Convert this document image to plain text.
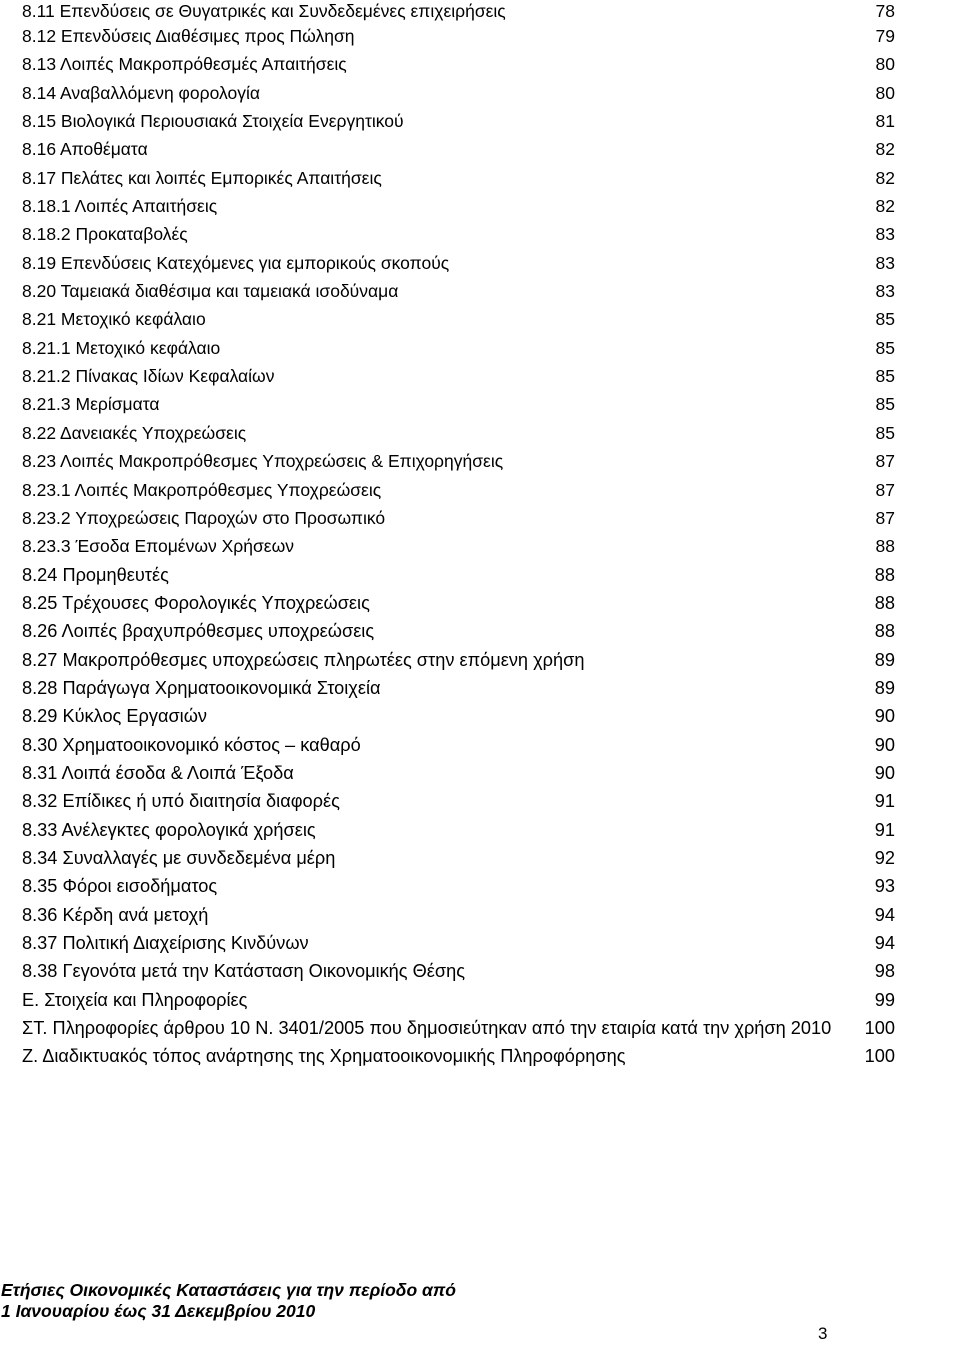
8.11 Επενδύσεις σε Θυγατρικές και Συνδεδεμένες επιχειρήσεις	78
8.12 Επενδύσεις Διαθέσιμες προς Πώληση	79
8.13 Λοιπές Μακροπρόθεσμές Απαιτήσεις	80
8.14 Αναβαλλόμενη φορολογία	80
8.15 Βιολογικά Περιουσιακά Στοιχεία Ενεργητικού	81
8.16 Αποθέματα	82
8.17 Πελάτες και λοιπές Εμπορικές Απαιτήσεις	82
8.18.1 Λοιπές Απαιτήσεις	82
8.18.2 Προκαταβολές	83
8.19 Επενδύσεις Κατεχόμενες για εμπορικούς σκοπούς	83
8.20 Ταμειακά διαθέσιμα και ταμειακά ισοδύναμα	83
8.21 Μετοχικό κεφάλαιο	85
8.21.1 Μετοχικό κεφάλαιο	85
8.21.2 Πίνακας Ιδίων Κεφαλαίων	85
8.21.3 Μερίσματα	85
8.22 Δανειακές Υποχρεώσεις	85
8.23 Λοιπές Μακροπρόθεσμες Υποχρεώσεις & Επιχορηγήσεις	87
8.23.1 Λοιπές Μακροπρόθεσμες Υποχρεώσεις	87
8.23.2 Υποχρεώσεις Παροχών στο Προσωπικό	87
8.23.3 Έσοδα Επομένων Χρήσεων	88
8.24 Προμηθευτές	88
8.25 Τρέχουσες Φορολογικές Υποχρεώσεις	88
8.26 Λοιπές βραχυπρόθεσμες υποχρεώσεις	88
8.27 Μακροπρόθεσμες υποχρεώσεις πληρωτέες στην επόμενη χρήση	89
8.28 Παράγωγα Χρηματοοικονομικά Στοιχεία	89
8.29 Κύκλος Εργασιών	90
8.30 Χρηματοοικονομικό κόστος – καθαρό	90
8.31 Λοιπά έσοδα & Λοιπά Έξοδα	90
8.32 Επίδικες ή υπό διαιτησία διαφορές	91
8.33 Ανέλεγκτες φορολογικά χρήσεις	91
8.34 Συναλλαγές με συνδεδεμένα μέρη	92
8.35 Φόροι εισοδήματος	93
8.36 Κέρδη ανά μετοχή	94
8.37 Πολιτική Διαχείρισης Κινδύνων	94
8.38 Γεγονότα μετά την Κατάσταση Οικονομικής Θέσης	98
Ε. Στοιχεία και Πληροφορίες	99
ΣΤ. Πληροφορίες άρθρου 10 Ν. 3401/2005 που δημοσιεύτηκαν από την εταιρία κατά την χρήση 2010 100
Ζ. Διαδικτυακός τόπος ανάρτησης της Χρηματοοικονομικής Πληροφόρησης	100
Ετήσιες Οικονομικές Καταστάσεις για την περίοδο από
1 Ιανουαρίου έως 31 Δεκεμβρίου 2010
3
